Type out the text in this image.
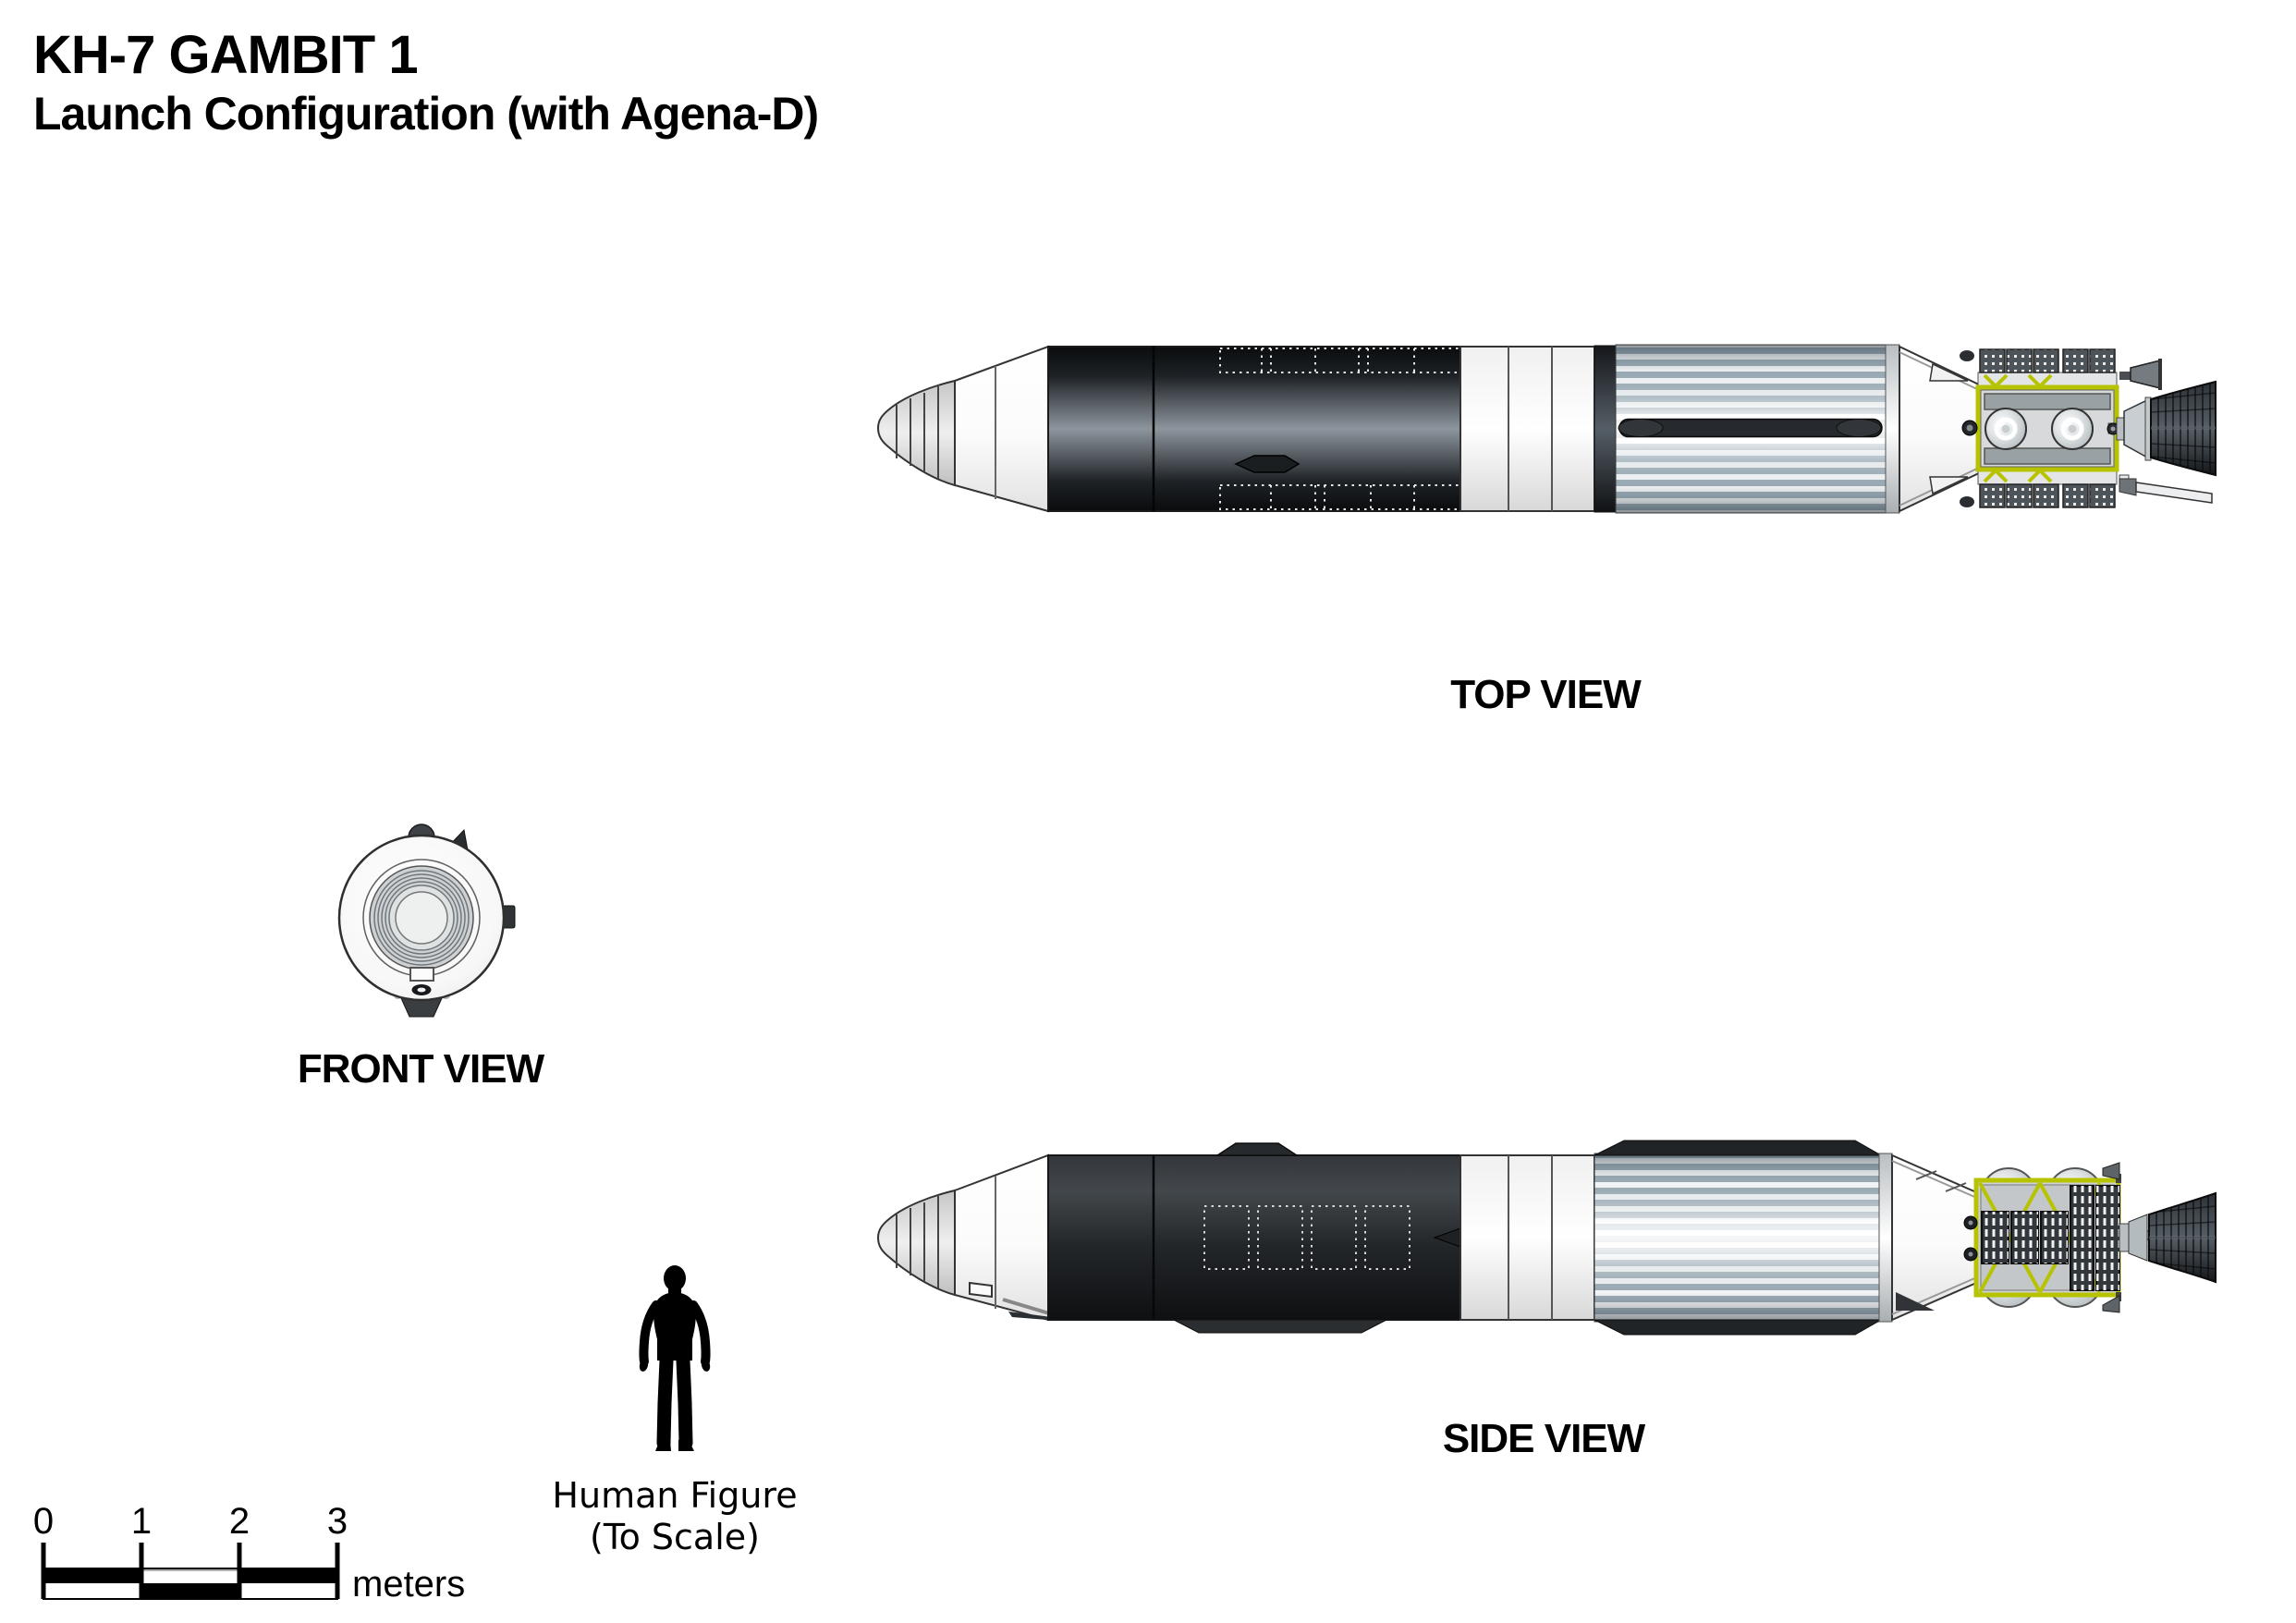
KH-7 GAMBIT 1
Launch Configuration (with Agena-D)
TOP VIEW
FRONT VIEW
SIDE VIEW
Human Figure
(To Scale)
0 1 2 3
meters
